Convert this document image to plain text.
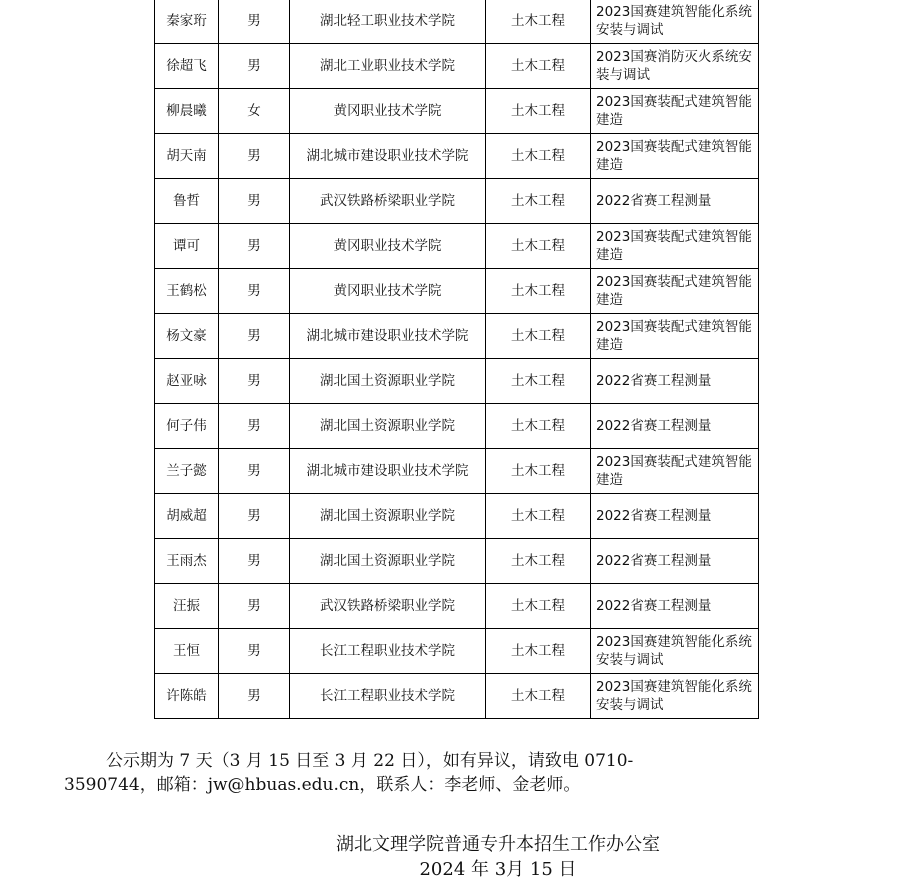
秦家珩	男	湖北轻工职业技术学院	土木工程	2023国赛建筑智能化系统安装与调试
徐超飞	男	湖北工业职业技术学院	土木工程	2023国赛消防灭火系统安装与调试
柳晨曦	女	黄冈职业技术学院	土木工程	2023国赛装配式建筑智能建造
胡天南	男	湖北城市建设职业技术学院	土木工程	2023国赛装配式建筑智能建造
鲁哲	男	武汉铁路桥梁职业学院	土木工程	2022省赛工程测量
谭可	男	黄冈职业技术学院	土木工程	2023国赛装配式建筑智能建造
王鹤松	男	黄冈职业技术学院	土木工程	2023国赛装配式建筑智能建造
杨文豪	男	湖北城市建设职业技术学院	土木工程	2023国赛装配式建筑智能建造
赵亚咏	男	湖北国土资源职业学院	土木工程	2022省赛工程测量
何子伟	男	湖北国土资源职业学院	土木工程	2022省赛工程测量
兰子懿	男	湖北城市建设职业技术学院	土木工程	2023国赛装配式建筑智能建造
胡威超	男	湖北国土资源职业学院	土木工程	2022省赛工程测量
王雨杰	男	湖北国土资源职业学院	土木工程	2022省赛工程测量
汪振	男	武汉铁路桥梁职业学院	土木工程	2022省赛工程测量
王恒	男	长江工程职业技术学院	土木工程	2023国赛建筑智能化系统安装与调试
许陈皓	男	长江工程职业技术学院	土木工程	2023国赛建筑智能化系统安装与调试
公示期为 7 天（3 月 15 日至 3 月 22 日），如有异议，请致电 0710-
3590744，邮箱：jw@hbuas.edu.cn，联系人：李老师、金老师。
湖北文理学院普通专升本招生工作办公室
2024 年 3月 15 日
